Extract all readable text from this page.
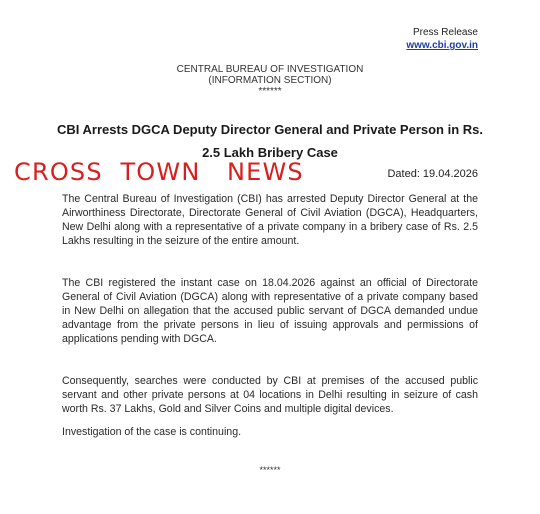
Press Release
www.cbi.gov.in
CENTRAL BUREAU OF INVESTIGATION
(INFORMATION SECTION)
******
CBI Arrests DGCA Deputy Director General and Private Person in Rs.
2.5 Lakh Bribery Case
CROSS  TOWN   NEWS	Dated: 19.04.2026
The Central Bureau of Investigation (CBI) has arrested Deputy Director General at the Airworthiness Directorate, Directorate General of Civil Aviation (DGCA), Headquarters, New Delhi along with a representative of a private company in a bribery case of Rs. 2.5 Lakhs resulting in the seizure of the entire amount.
The CBI registered the instant case on 18.04.2026 against an official of Directorate General of Civil Aviation (DGCA) along with representative of a private company based in New Delhi on allegation that the accused public servant of DGCA demanded undue advantage from the private persons in lieu of issuing approvals and permissions of applications pending with DGCA.
Consequently, searches were conducted by CBI at premises of the accused public servant and other private persons at 04 locations in Delhi resulting in seizure of cash worth Rs. 37 Lakhs, Gold and Silver Coins and multiple digital devices.
Investigation of the case is continuing.
******
